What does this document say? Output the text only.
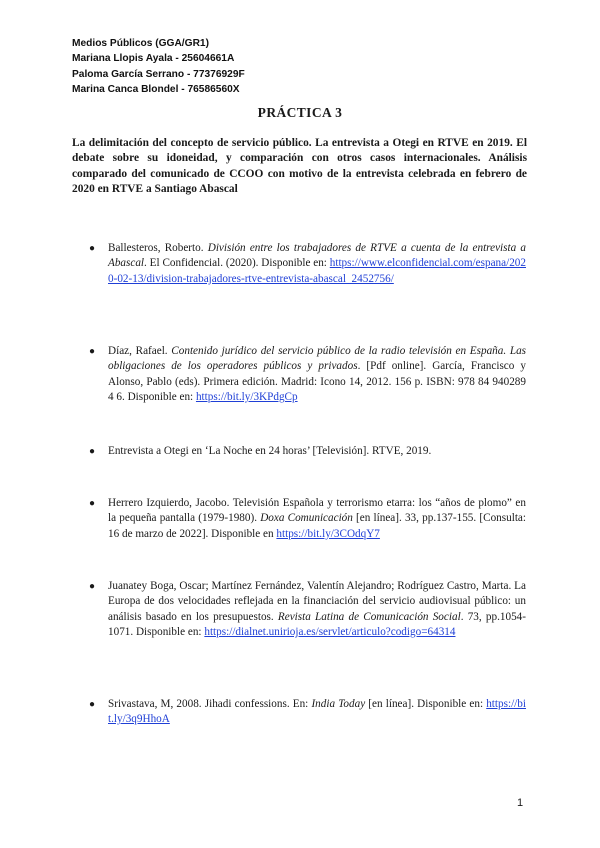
Medios Públicos (GGA/GR1)
Mariana Llopis Ayala - 25604661A
Paloma García Serrano - 77376929F
Marina Canca Blondel - 76586560X
PRÁCTICA 3
La delimitación del concepto de servicio público. La entrevista a Otegi en RTVE en 2019. El debate sobre su idoneidad, y comparación con otros casos internacionales. Análisis comparado del comunicado de CCOO con motivo de la entrevista celebrada en febrero de 2020 en RTVE a Santiago Abascal
● Ballesteros, Roberto. División entre los trabajadores de RTVE a cuenta de la entrevista a Abascal. El Confidencial. (2020). Disponible en: https://www.elconfidencial.com/espana/2020-02-13/division-trabajadores-rtve-entrevista-abascal_2452756/
● Díaz, Rafael. Contenido jurídico del servicio público de la radio televisión en España. Las obligaciones de los operadores públicos y privados. [Pdf online]. García, Francisco y Alonso, Pablo (eds). Primera edición. Madrid: Icono 14, 2012. 156 p. ISBN: 978 84 940289 4 6. Disponible en: https://bit.ly/3KPdgCp
● Entrevista a Otegi en ‘La Noche en 24 horas’ [Televisión]. RTVE, 2019.
● Herrero Izquierdo, Jacobo. Televisión Española y terrorismo etarra: los “años de plomo” en la pequeña pantalla (1979-1980). Doxa Comunicación [en línea]. 33, pp.137-155. [Consulta: 16 de marzo de 2022]. Disponible en https://bit.ly/3COdqY7
● Juanatey Boga, Oscar; Martínez Fernández, Valentín Alejandro; Rodríguez Castro, Marta. La Europa de dos velocidades reflejada en la financiación del servicio audiovisual público: un análisis basado en los presupuestos. Revista Latina de Comunicación Social. 73, pp.1054-1071. Disponible en: https://dialnet.unirioja.es/servlet/articulo?codigo=64314
● Srivastava, M, 2008. Jihadi confessions. En: India Today [en línea]. Disponible en: https://bit.ly/3q9HhoA
1
